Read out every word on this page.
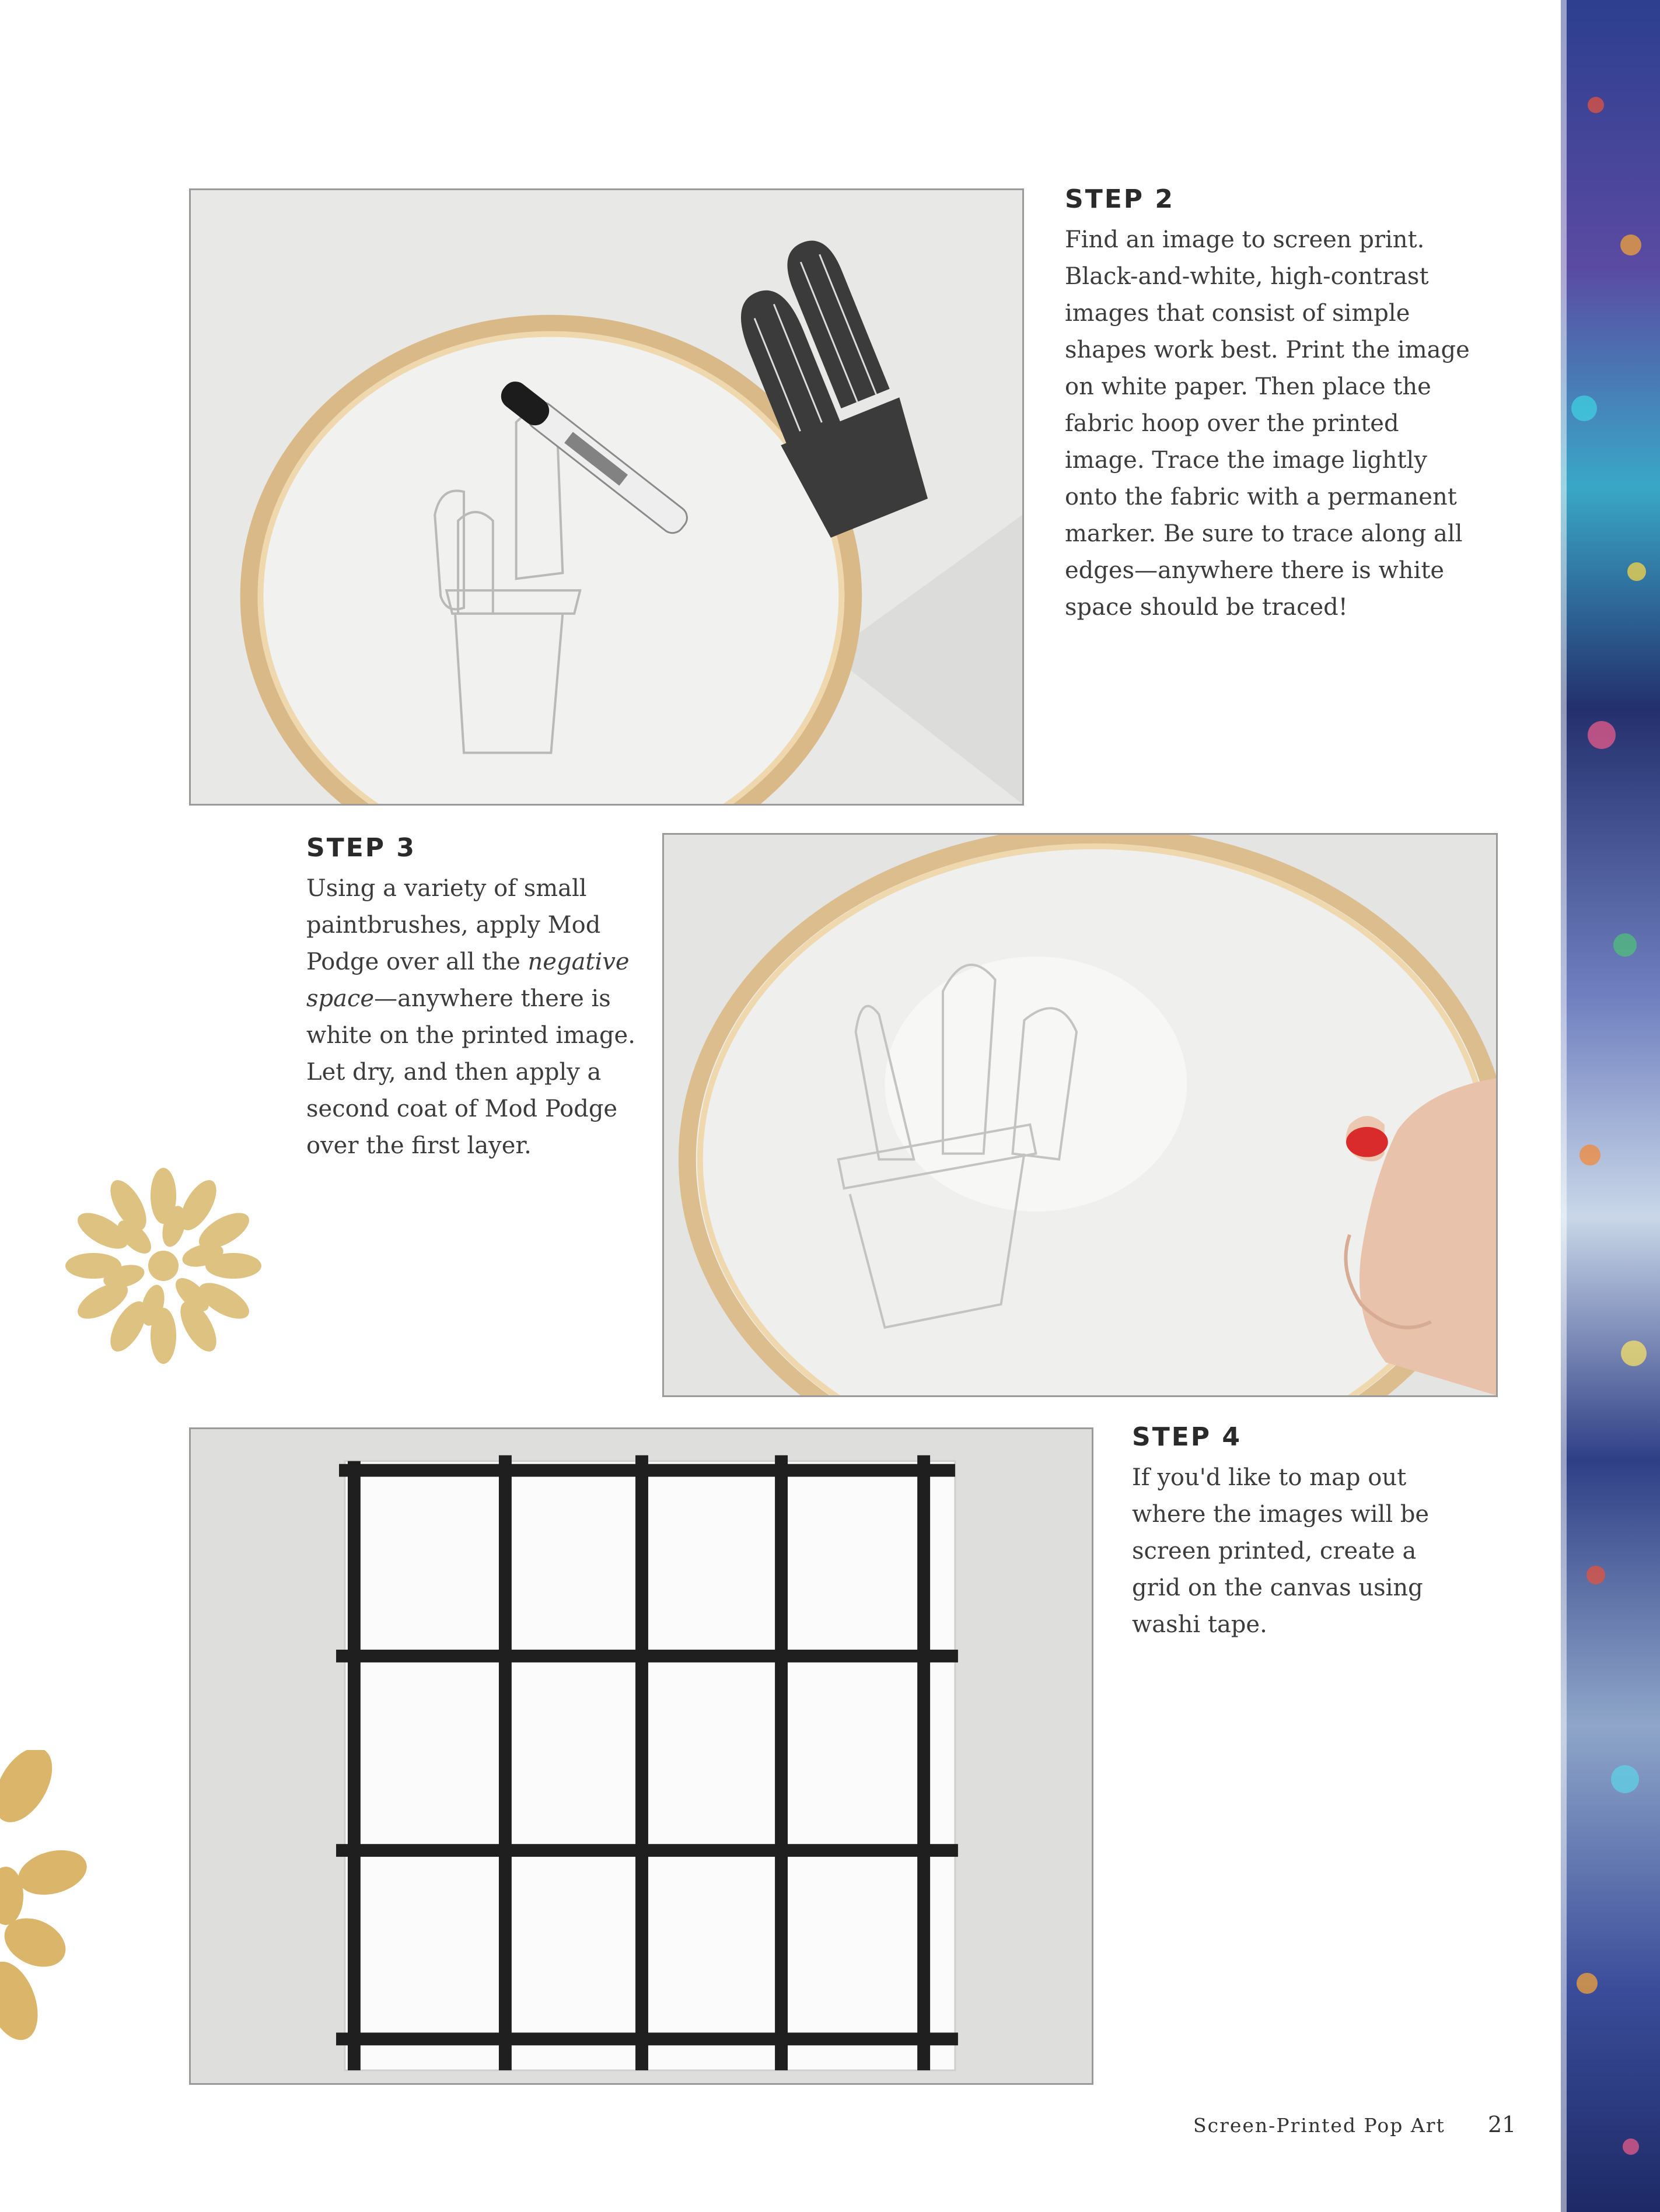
STEP 2

Find an image to screen print. Black-and-white, high-contrast images that consist of simple shapes work best. Print the image on white paper. Then place the fabric hoop over the printed image. Trace the image lightly onto the fabric with a permanent marker. Be sure to trace along all edges—anywhere there is white space should be traced!

STEP 3

Using a variety of small paintbrushes, apply Mod Podge over all the negative space—anywhere there is white on the printed image. Let dry, and then apply a second coat of Mod Podge over the first layer.

STEP 4

If you'd like to map out where the images will be screen printed, create a grid on the canvas using washi tape.

Screen-Printed Pop Art 21
